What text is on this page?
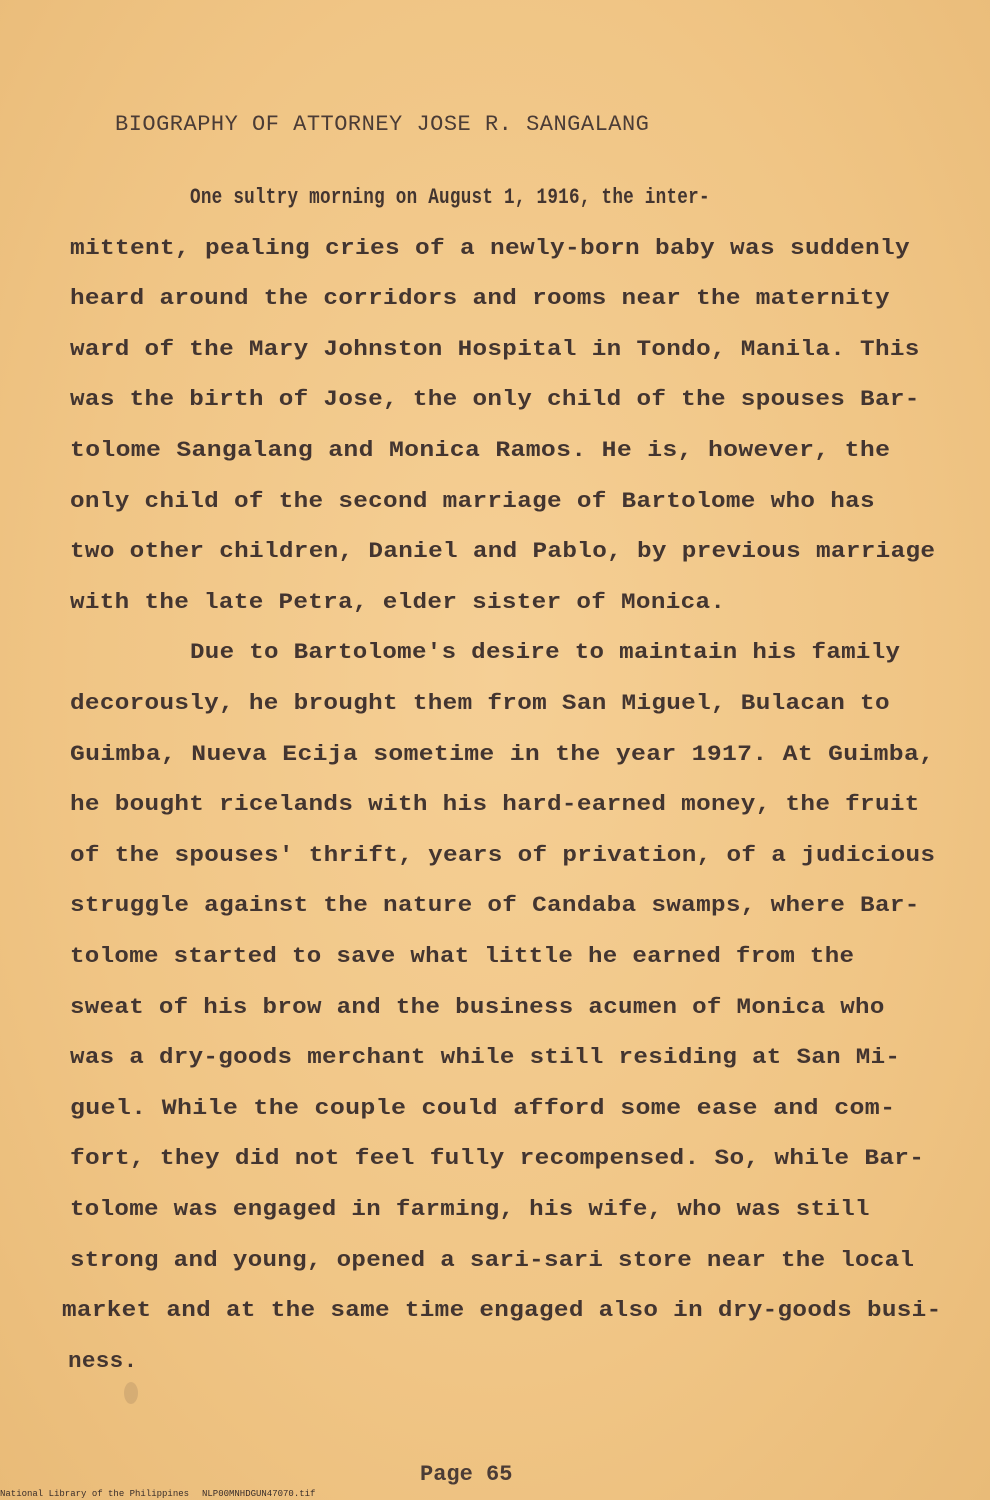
BIOGRAPHY OF ATTORNEY JOSE R. SANGALANG
One sultry morning on August 1, 1916, the inter-
mittent, pealing cries of a newly-born baby was suddenly
heard around the corridors and rooms near the maternity
ward of the Mary Johnston Hospital in Tondo, Manila. This
was the birth of Jose, the only child of the spouses Bar-
tolome Sangalang and Monica Ramos. He is, however, the
only child of the second marriage of Bartolome who has
two other children, Daniel and Pablo, by previous marriage
with the late Petra, elder sister of Monica.
Due to Bartolome's desire to maintain his family
decorously, he brought them from San Miguel, Bulacan to
Guimba, Nueva Ecija sometime in the year 1917. At Guimba,
he bought ricelands with his hard-earned money, the fruit
of the spouses' thrift, years of privation, of a judicious
struggle against the nature of Candaba swamps, where Bar-
tolome started to save what little he earned from the
sweat of his brow and the business acumen of Monica who
was a dry-goods merchant while still residing at San Mi-
guel. While the couple could afford some ease and com-
fort, they did not feel fully recompensed. So, while Bar-
tolome was engaged in farming, his wife, who was still
strong and young, opened a sari-sari store near the local
market and at the same time engaged also in dry-goods busi-
ness.
Page 65
National Library of the Philippines NLP00MNHDGUN47070.tif
